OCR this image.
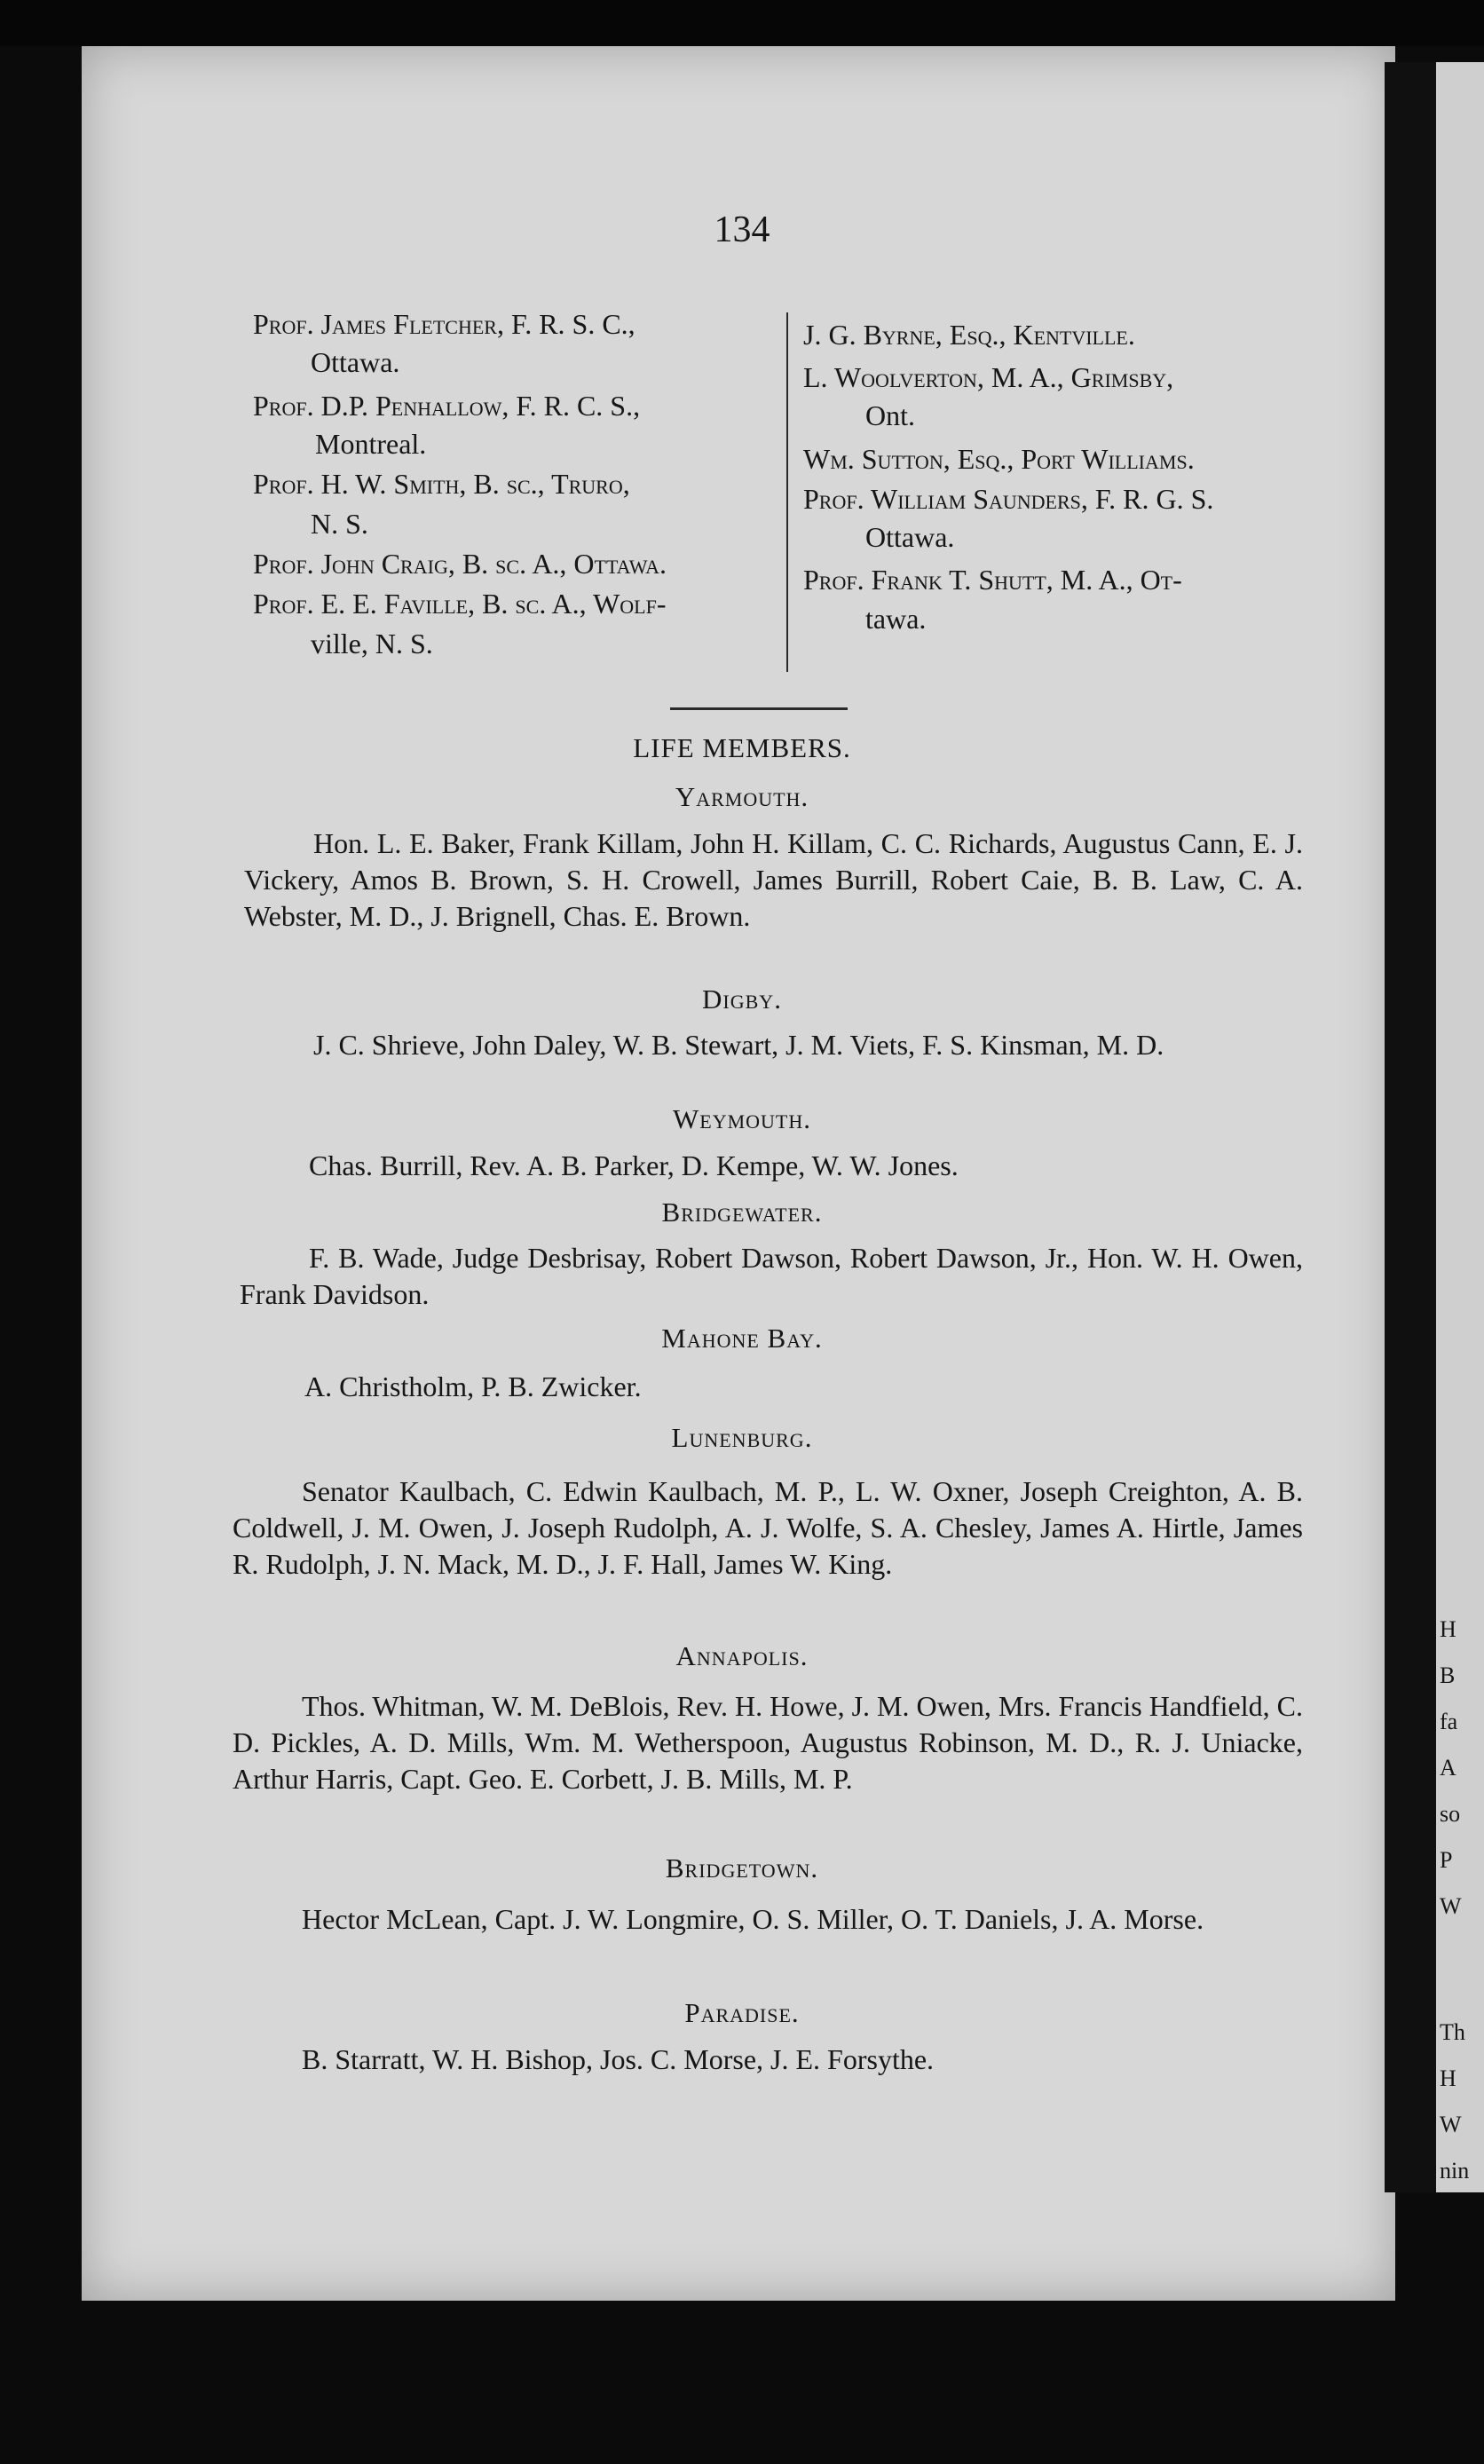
H
B
fa
A
so
P
W
Th
H
W
nin
134
Prof. James Fletcher, F. R. S. C.,
Ottawa.
Prof. D.P. Penhallow, F. R. C. S.,
Montreal.
Prof. H. W. Smith, B. sc., Truro,
N. S.
Prof. John Craig, B. sc. A., Ottawa.
Prof. E. E. Faville, B. sc. A., Wolf-
ville, N. S.
J. G. Byrne, Esq., Kentville.
L. Woolverton, M. A., Grimsby,
Ont.
Wm. Sutton, Esq., Port Williams.
Prof. William Saunders, F. R. G. S.
Ottawa.
Prof. Frank T. Shutt, M. A., Ot-
tawa.
LIFE MEMBERS.
Yarmouth.
Hon. L. E. Baker, Frank Killam, John H. Killam, C. C. Richards, Augustus Cann, E. J. Vickery, Amos B. Brown, S. H. Crowell, James Burrill, Robert Caie, B. B. Law, C. A. Webster, M. D., J. Brignell, Chas. E. Brown.
Digby.
J. C. Shrieve, John Daley, W. B. Stewart, J. M. Viets, F. S. Kinsman, M. D.
Weymouth.
Chas. Burrill, Rev. A. B. Parker, D. Kempe, W. W. Jones.
Bridgewater.
F. B. Wade, Judge Desbrisay, Robert Dawson, Robert Dawson, Jr., Hon. W. H. Owen, Frank Davidson.
Mahone Bay.
A. Christholm, P. B. Zwicker.
Lunenburg.
Senator Kaulbach, C. Edwin Kaulbach, M. P., L. W. Oxner, Joseph Creighton, A. B. Coldwell, J. M. Owen, J. Joseph Rudolph, A. J. Wolfe, S. A. Chesley, James A. Hirtle, James R. Rudolph, J. N. Mack, M. D., J. F. Hall, James W. King.
Annapolis.
Thos. Whitman, W. M. DeBlois, Rev. H. Howe, J. M. Owen, Mrs. Francis Handfield, C. D. Pickles, A. D. Mills, Wm. M. Wetherspoon, Augustus Robinson, M. D., R. J. Uniacke, Arthur Harris, Capt. Geo. E. Corbett, J. B. Mills, M. P.
Bridgetown.
Hector McLean, Capt. J. W. Longmire, O. S. Miller, O. T. Daniels, J. A. Morse.
Paradise.
B. Starratt, W. H. Bishop, Jos. C. Morse, J. E. Forsythe.
